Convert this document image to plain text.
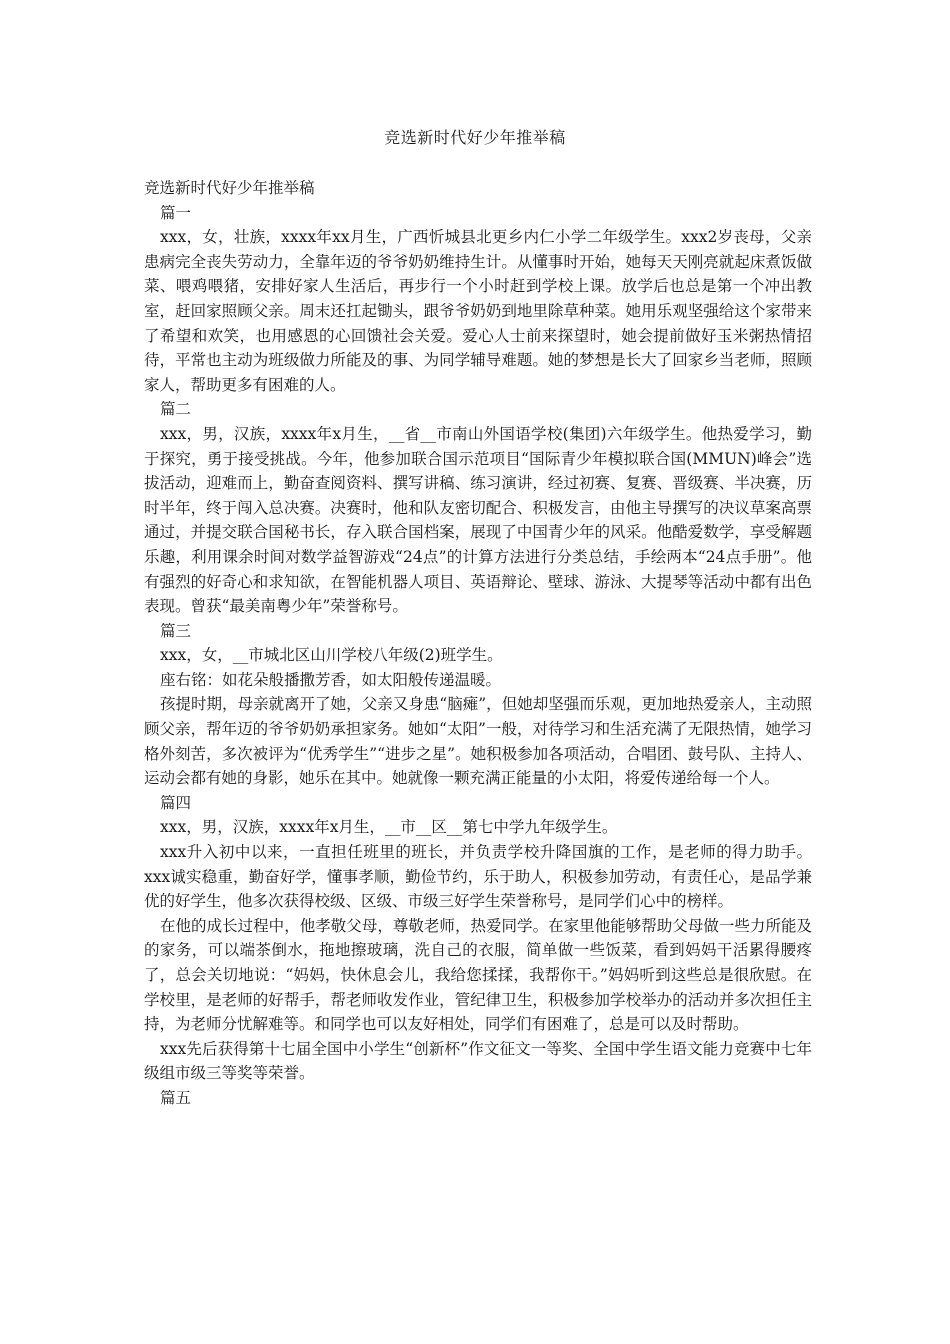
竞选新时代好少年推举稿

竞选新时代好少年推举稿

篇一

xxx，女，壮族，xxxx年xx月生，广西忻城县北更乡内仁小学二年级学生。xxx2岁丧母，父亲患病完全丧失劳动力，全靠年迈的爷爷奶奶维持生计。从懂事时开始，她每天天刚亮就起床煮饭做菜、喂鸡喂猪，安排好家人生活后，再步行一个小时赶到学校上课。放学后也总是第一个冲出教室，赶回家照顾父亲。周末还扛起锄头，跟爷爷奶奶到地里除草种菜。她用乐观坚强给这个家带来了希望和欢笑，也用感恩的心回馈社会关爱。爱心人士前来探望时，她会提前做好玉米粥热情招待，平常也主动为班级做力所能及的事、为同学辅导难题。她的梦想是长大了回家乡当老师，照顾家人，帮助更多有困难的人。

篇二

xxx，男，汉族，xxxx年x月生，__省__市南山外国语学校(集团)六年级学生。他热爱学习，勤于探究，勇于接受挑战。今年，他参加联合国示范项目“国际青少年模拟联合国(MMUN)峰会”选拔活动，迎难而上，勤奋查阅资料、撰写讲稿、练习演讲，经过初赛、复赛、晋级赛、半决赛，历时半年，终于闯入总决赛。决赛时，他和队友密切配合、积极发言，由他主导撰写的决议草案高票通过，并提交联合国秘书长，存入联合国档案，展现了中国青少年的风采。他酷爱数学，享受解题乐趣，利用课余时间对数学益智游戏“24点”的计算方法进行分类总结，手绘两本“24点手册”。他有强烈的好奇心和求知欲，在智能机器人项目、英语辩论、壁球、游泳、大提琴等活动中都有出色表现。曾获“最美南粤少年”荣誉称号。

篇三

xxx，女，__市城北区山川学校八年级(2)班学生。

座右铭：如花朵般播撒芳香，如太阳般传递温暖。

孩提时期，母亲就离开了她，父亲又身患“脑瘫”，但她却坚强而乐观，更加地热爱亲人，主动照顾父亲，帮年迈的爷爷奶奶承担家务。她如“太阳”一般，对待学习和生活充满了无限热情，她学习格外刻苦，多次被评为“优秀学生”“进步之星”。她积极参加各项活动，合唱团、鼓号队、主持人、运动会都有她的身影，她乐在其中。她就像一颗充满正能量的小太阳，将爱传递给每一个人。

篇四

xxx，男，汉族，xxxx年x月生，__市__区__第七中学九年级学生。

xxx升入初中以来，一直担任班里的班长，并负责学校升降国旗的工作，是老师的得力助手。xxx诚实稳重，勤奋好学，懂事孝顺，勤俭节约，乐于助人，积极参加劳动，有责任心，是品学兼优的好学生，他多次获得校级、区级、市级三好学生荣誉称号，是同学们心中的榜样。

在他的成长过程中，他孝敬父母，尊敬老师，热爱同学。在家里他能够帮助父母做一些力所能及的家务，可以端茶倒水，拖地擦玻璃，洗自己的衣服，简单做一些饭菜，看到妈妈干活累得腰疼了，总会关切地说：“妈妈，快休息会儿，我给您揉揉，我帮你干。”妈妈听到这些总是很欣慰。在学校里，是老师的好帮手，帮老师收发作业，管纪律卫生，积极参加学校举办的活动并多次担任主持，为老师分忧解难等。和同学也可以友好相处，同学们有困难了，总是可以及时帮助。

xxx先后获得第十七届全国中小学生“创新杯”作文征文一等奖、全国中学生语文能力竞赛中七年级组市级三等奖等荣誉。

篇五
